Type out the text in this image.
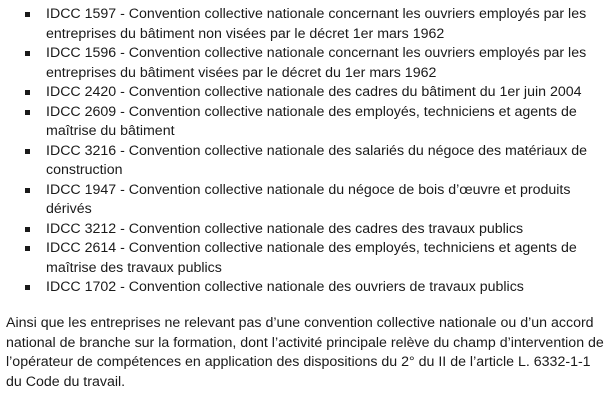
IDCC 1597 - Convention collective nationale concernant les ouvriers employés par les entreprises du bâtiment non visées par le décret 1er mars 1962
IDCC 1596 - Convention collective nationale concernant les ouvriers employés par les entreprises du bâtiment visées par le décret du 1er mars 1962
IDCC 2420 - Convention collective nationale des cadres du bâtiment du 1er juin 2004
IDCC 2609 - Convention collective nationale des employés, techniciens et agents de maîtrise du bâtiment
IDCC 3216 - Convention collective nationale des salariés du négoce des matériaux de construction
IDCC 1947 - Convention collective nationale du négoce de bois d’œuvre et produits dérivés
IDCC 3212 - Convention collective nationale des cadres des travaux publics
IDCC 2614 - Convention collective nationale des employés, techniciens et agents de maîtrise des travaux publics
IDCC 1702 - Convention collective nationale des ouvriers de travaux publics

Ainsi que les entreprises ne relevant pas d’une convention collective nationale ou d’un accord national de branche sur la formation, dont l’activité principale relève du champ d’intervention de l’opérateur de compétences en application des dispositions du 2° du II de l’article L. 6332-1-1 du Code du travail.
